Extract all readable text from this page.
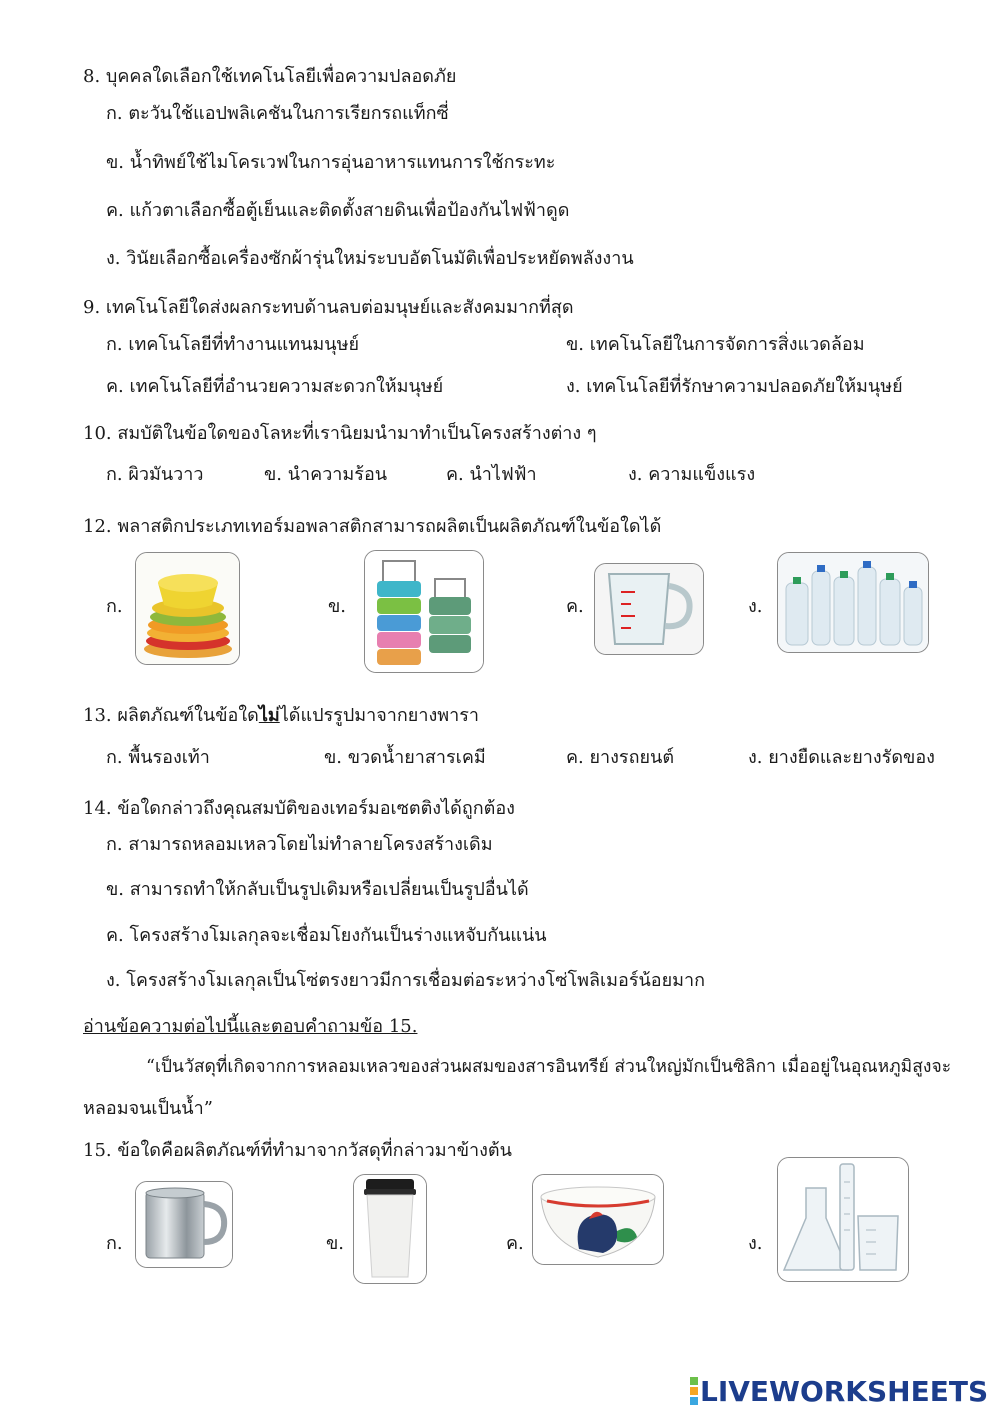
8. บุคคลใดเลือกใช้เทคโนโลยีเพื่อความปลอดภัย
ก. ตะวันใช้แอปพลิเคชันในการเรียกรถแท็กซี่
ข. น้ำทิพย์ใช้ไมโครเวฟในการอุ่นอาหารแทนการใช้กระทะ
ค. แก้วตาเลือกซื้อตู้เย็นและติดตั้งสายดินเพื่อป้องกันไฟฟ้าดูด
ง. วินัยเลือกซื้อเครื่องซักผ้ารุ่นใหม่ระบบอัตโนมัติเพื่อประหยัดพลังงาน
9. เทคโนโลยีใดส่งผลกระทบด้านลบต่อมนุษย์และสังคมมากที่สุด
ก. เทคโนโลยีที่ทำงานแทนมนุษย์	ข. เทคโนโลยีในการจัดการสิ่งแวดล้อม
ค. เทคโนโลยีที่อำนวยความสะดวกให้มนุษย์	ง. เทคโนโลยีที่รักษาความปลอดภัยให้มนุษย์
10. สมบัติในข้อใดของโลหะที่เรานิยมนำมาทำเป็นโครงสร้างต่าง ๆ
ก. ผิวมันวาว	ข. นำความร้อน	ค. นำไฟฟ้า	ง. ความแข็งแรง
12. พลาสติกประเภทเทอร์มอพลาสติกสามารถผลิตเป็นผลิตภัณฑ์ในข้อใดได้
ก.	ข.	ค.	ง.
13. ผลิตภัณฑ์ในข้อใดไม่ได้แปรรูปมาจากยางพารา
ก. พื้นรองเท้า	ข. ขวดน้ำยาสารเคมี	ค. ยางรถยนต์	ง. ยางยืดและยางรัดของ
14. ข้อใดกล่าวถึงคุณสมบัติของเทอร์มอเซตติงได้ถูกต้อง
ก. สามารถหลอมเหลวโดยไม่ทำลายโครงสร้างเดิม
ข. สามารถทำให้กลับเป็นรูปเดิมหรือเปลี่ยนเป็นรูปอื่นได้
ค. โครงสร้างโมเลกุลจะเชื่อมโยงกันเป็นร่างแหจับกันแน่น
ง. โครงสร้างโมเลกุลเป็นโซ่ตรงยาวมีการเชื่อมต่อระหว่างโซ่โพลิเมอร์น้อยมาก
อ่านข้อความต่อไปนี้และตอบคำถามข้อ 15.
“เป็นวัสดุที่เกิดจากการหลอมเหลวของส่วนผสมของสารอินทรีย์ ส่วนใหญ่มักเป็นซิลิกา เมื่ออยู่ในอุณหภูมิสูงจะ
หลอมจนเป็นน้ำ”
15. ข้อใดคือผลิตภัณฑ์ที่ทำมาจากวัสดุที่กล่าวมาข้างต้น
ก.	ข.	ค.	ง.
LIVEWORKSHEETS
